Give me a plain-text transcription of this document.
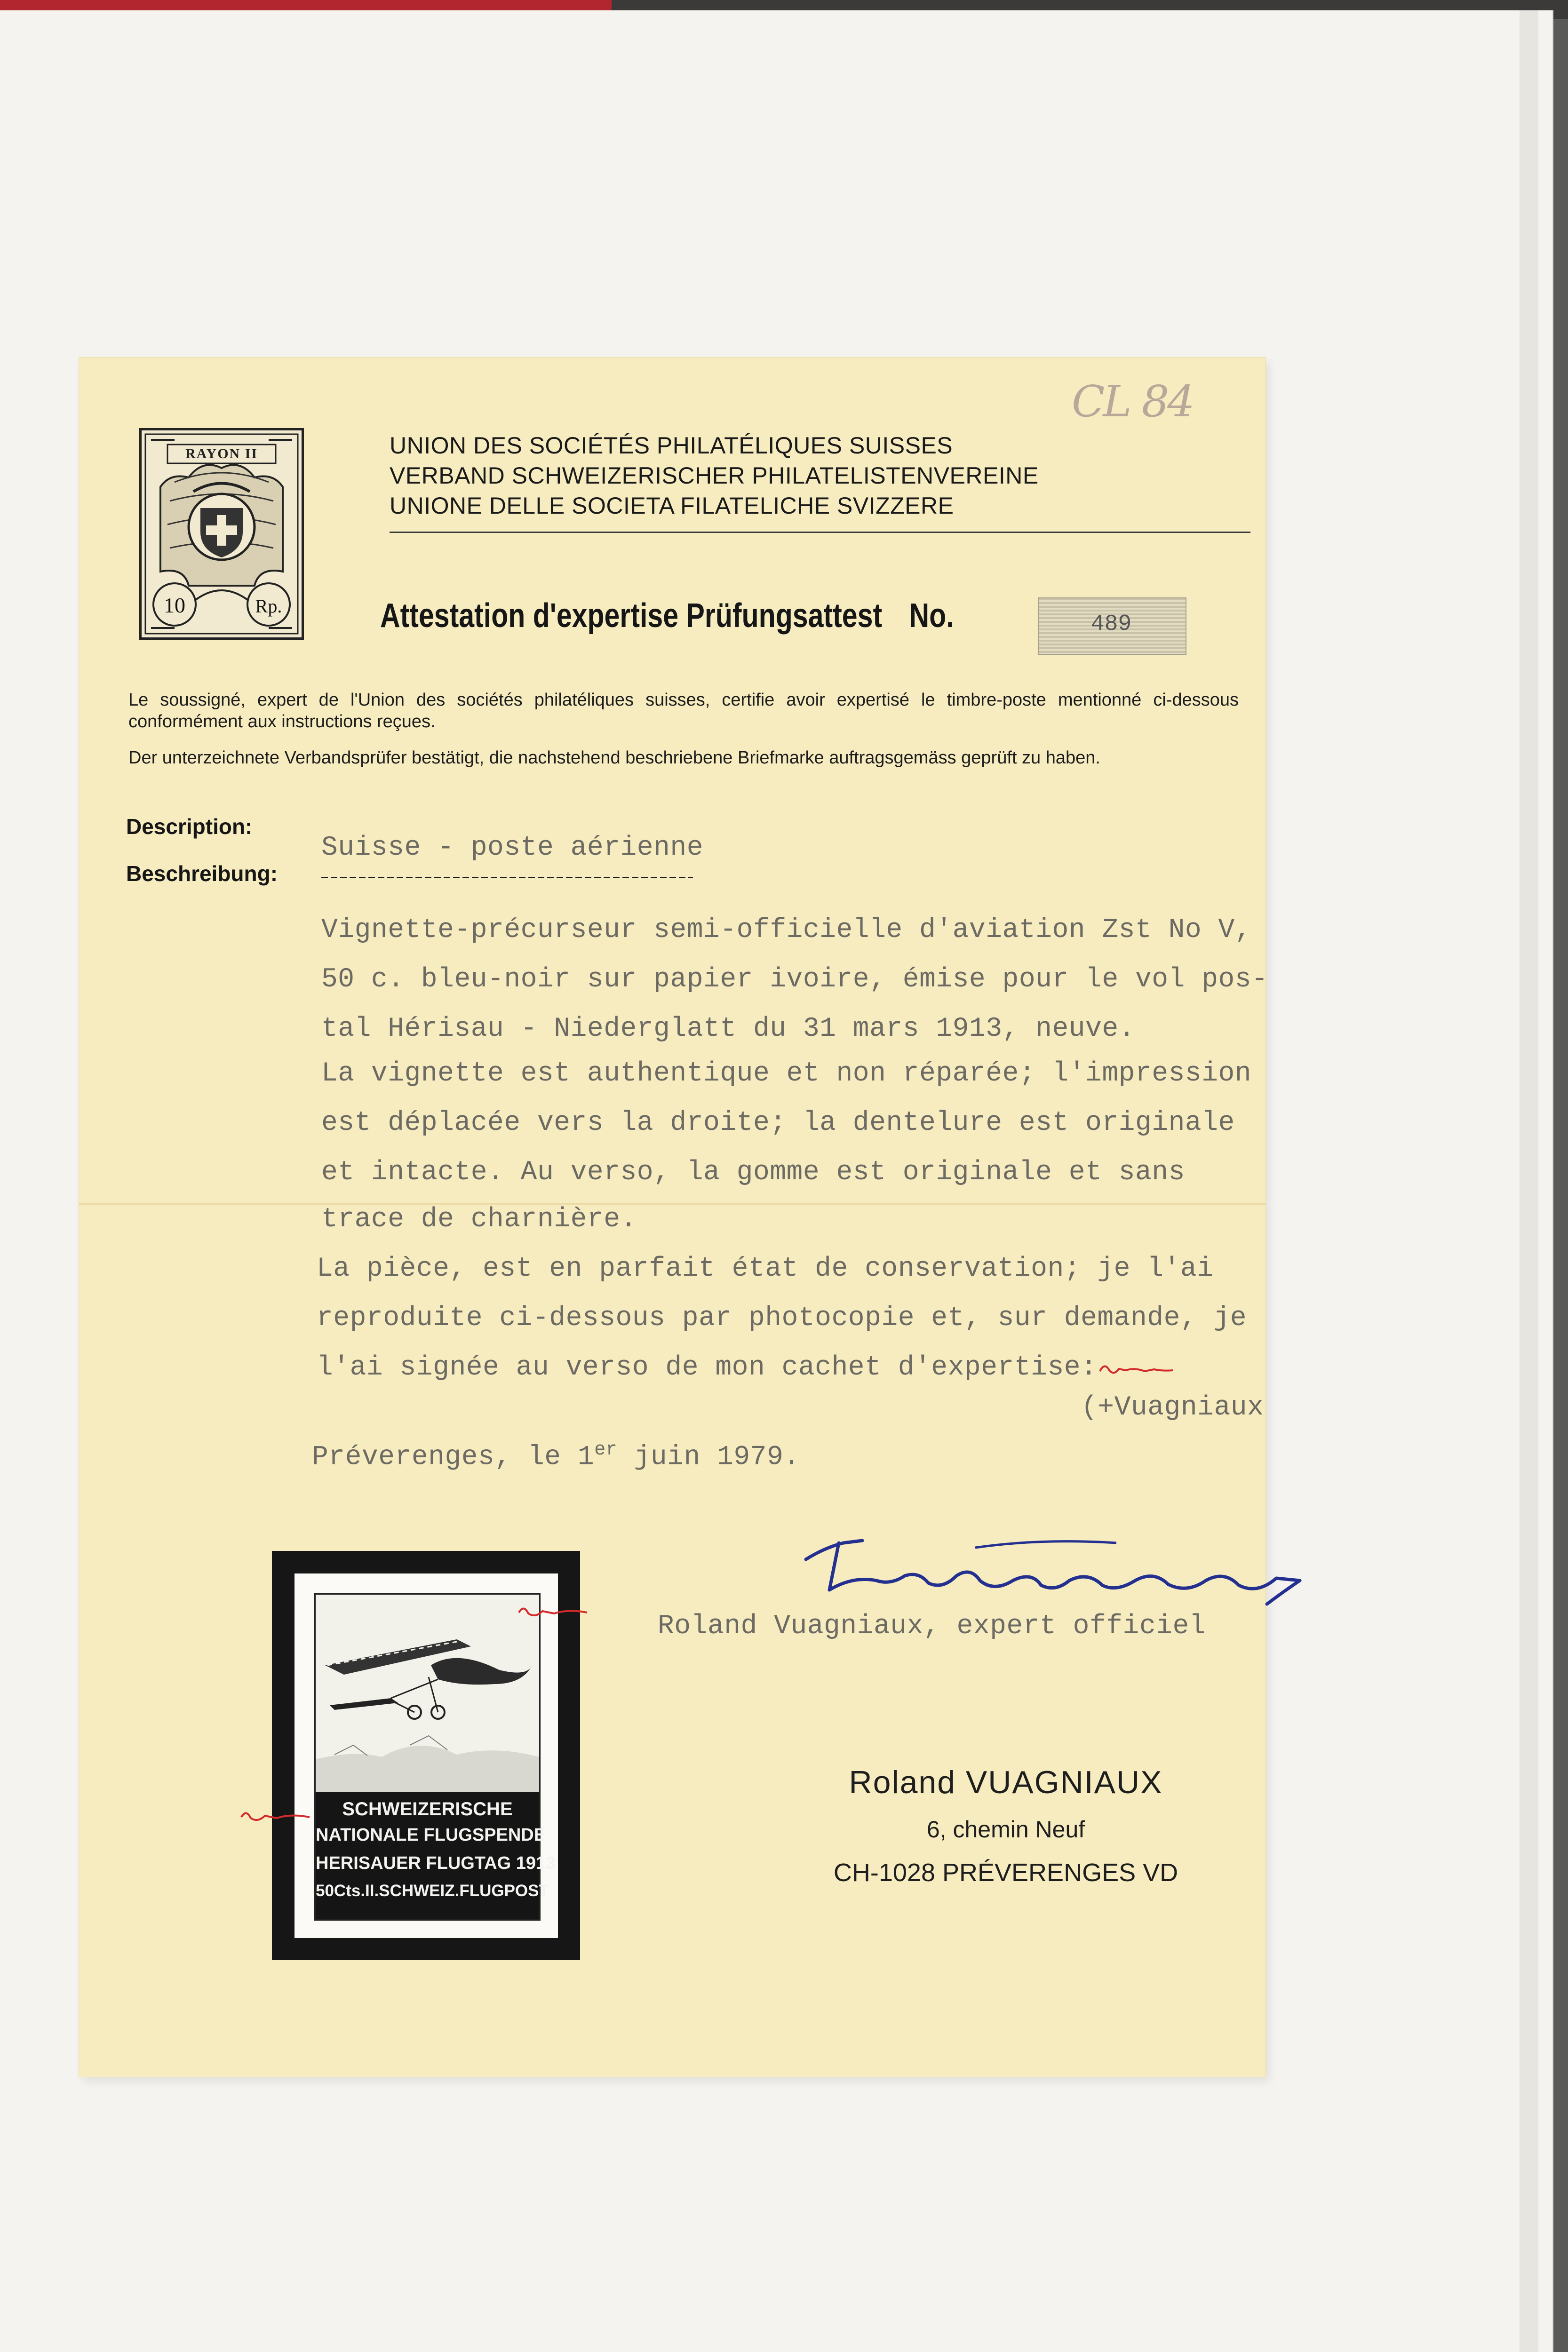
CL 84
RAYON II
10	Rp.
UNION DES SOCIÉTÉS PHILATÉLIQUES SUISSES
VERBAND SCHWEIZERISCHER PHILATELISTENVEREINE
UNIONE DELLE SOCIETA FILATELICHE SVIZZERE
Attestation d'expertise Prüfungsattest No.	489
Le soussigné, expert de l'Union des sociétés philatéliques suisses, certifie avoir expertisé le timbre-poste mentionné ci-dessous conformément aux instructions reçues.
Der unterzeichnete Verbandsprüfer bestätigt, die nachstehend beschriebene Briefmarke auftragsgemäss geprüft zu haben.
Description:
Beschreibung:
Suisse - poste aérienne
Vignette-précurseur semi-officielle d'aviation Zst No V,
50 c. bleu-noir sur papier ivoire, émise pour le vol pos-
tal Hérisau - Niederglatt du 31 mars 1913, neuve.
La vignette est authentique et non réparée; l'impression
est déplacée vers la droite; la dentelure est originale
et intacte. Au verso, la gomme est originale et sans
trace de charnière.
La pièce, est en parfait état de conservation; je l'ai
reproduite ci-dessous par photocopie et, sur demande, je
l'ai signée au verso de mon cachet d'expertise:
(+Vuagniaux
Préverenges, le 1er juin 1979.
Roland Vuagniaux, expert officiel
Roland VUAGNIAUX
6, chemin Neuf
CH-1028 PRÉVERENGES VD
SCHWEIZERISCHE
NATIONALE FLUGSPENDE
HERISAUER FLUGTAG 1913
50Cts.II.SCHWEIZ.FLUGPOST
